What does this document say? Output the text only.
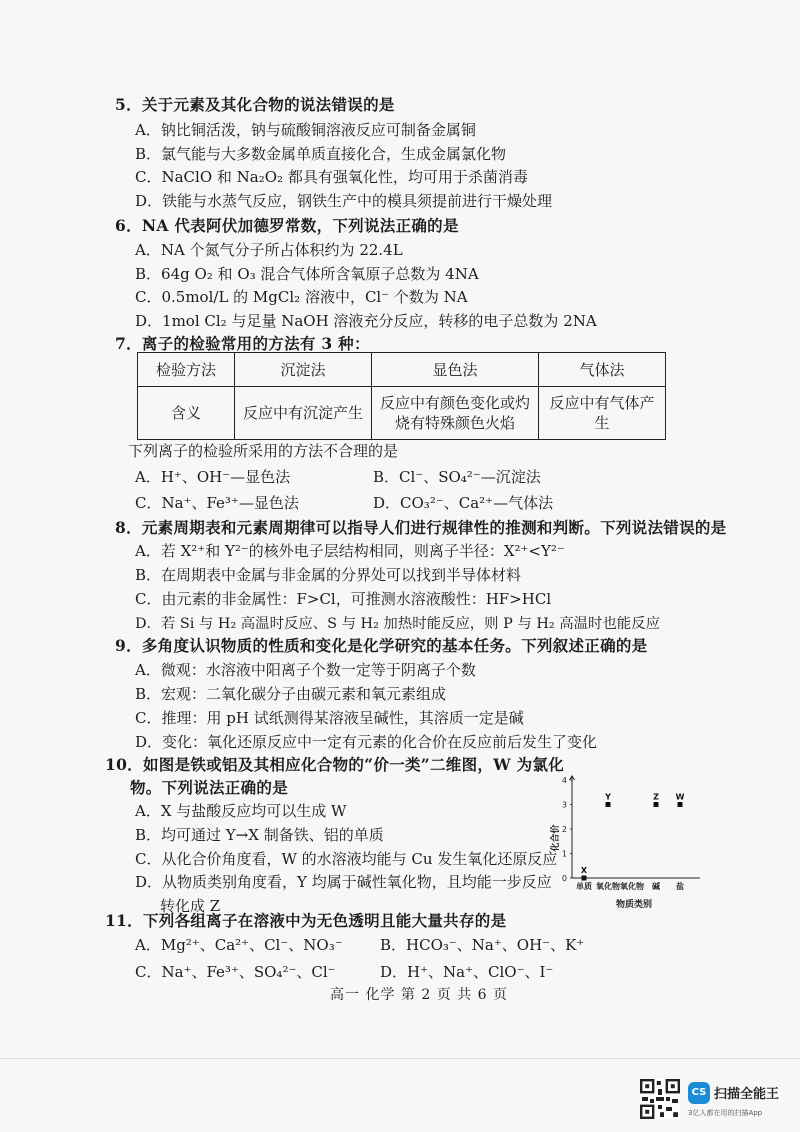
5．关于元素及其化合物的说法错误的是
A．钠比铜活泼，钠与硫酸铜溶液反应可制备金属铜
B．氯气能与大多数金属单质直接化合，生成金属氯化物
C．NaClO 和 Na₂O₂ 都具有强氧化性，均可用于杀菌消毒
D．铁能与水蒸气反应，钢铁生产中的模具须提前进行干燥处理
6．NA 代表阿伏加德罗常数，下列说法正确的是
A．NA 个氮气分子所占体积约为 22.4L
B．64g O₂ 和 O₃ 混合气体所含氧原子总数为 4NA
C．0.5mol/L 的 MgCl₂ 溶液中，Cl⁻ 个数为 NA
D．1mol Cl₂ 与足量 NaOH 溶液充分反应，转移的电子总数为 2NA
7．离子的检验常用的方法有 3 种：
检验方法	沉淀法	显色法	气体法
含义	反应中有沉淀产生	反应中有颜色变化或灼烧有特殊颜色火焰	反应中有气体产生
下列离子的检验所采用的方法不合理的是
A．H⁺、OH⁻—显色法	B．Cl⁻、SO₄²⁻—沉淀法
C．Na⁺、Fe³⁺—显色法	D．CO₃²⁻、Ca²⁺—气体法
8．元素周期表和元素周期律可以指导人们进行规律性的推测和判断。下列说法错误的是
A．若 X²⁺和 Y²⁻的核外电子层结构相同，则离子半径：X²⁺<Y²⁻
B．在周期表中金属与非金属的分界处可以找到半导体材料
C．由元素的非金属性：F>Cl，可推测水溶液酸性：HF>HCl
D．若 Si 与 H₂ 高温时反应、S 与 H₂ 加热时能反应，则 P 与 H₂ 高温时也能反应
9．多角度认识物质的性质和变化是化学研究的基本任务。下列叙述正确的是
A．微观：水溶液中阳离子个数一定等于阴离子个数
B．宏观：二氧化碳分子由碳元素和氧元素组成
C．推理：用 pH 试纸测得某溶液呈碱性，其溶质一定是碱
D．变化：氧化还原反应中一定有元素的化合价在反应前后发生了变化
10．如图是铁或铝及其相应化合物的“价一类”二维图，W 为氯化
物。下列说法正确的是
A．X 与盐酸反应均可以生成 W
B．均可通过 Y→X 制备铁、铝的单质
C．从化合价角度看，W 的水溶液均能与 Cu 发生氧化还原反应
D．从物质类别角度看，Y 均属于碱性氧化物，且均能一步反应
转化成 Z
0
1
2
3
4
单质 氧化物 氧化物 碱 盐
X
Y	Z W
化合价
物质类别
11．下列各组离子在溶液中为无色透明且能大量共存的是
A．Mg²⁺、Ca²⁺、Cl⁻、NO₃⁻ B．HCO₃⁻、Na⁺、OH⁻、K⁺
C．Na⁺、Fe³⁺、SO₄²⁻、Cl⁻	D．H⁺、Na⁺、ClO⁻、I⁻
高一 化学 第 2 页 共 6 页
CS 扫描全能王
3亿人都在用的扫描App
